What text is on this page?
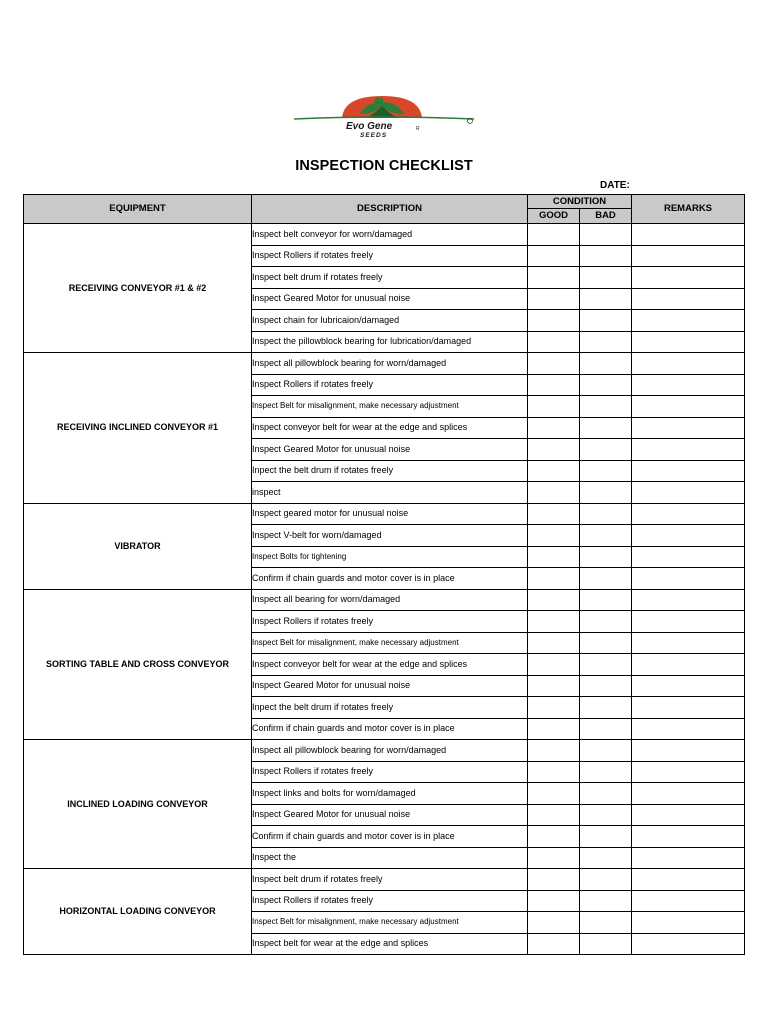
Evo Gene
SEEDS
R
INSPECTION CHECKLIST
DATE:
EQUIPMENT	DESCRIPTION	CONDITION		REMARKS
		GOOD	BAD	
RECEIVING CONVEYOR #1 & #2	Inspect belt conveyor for worn/damaged			
	Inspect Rollers if rotates freely			
	Inspect belt drum if rotates freely			
	Inspect Geared Motor for unusual noise			
	Inspect chain for lubricaion/damaged			
	Inspect the pillowblock bearing for lubrication/damaged			
RECEIVING INCLINED CONVEYOR #1	Inspect all pillowblock bearing for worn/damaged			
	Inspect Rollers if rotates freely			
	Inspect Belt for misalignment, make necessary adjustment			
	Inspect conveyor belt for wear at the edge and splices			
	Inspect Geared Motor for unusual noise			
	Inpect the belt drum if rotates freely			
	inspect			
VIBRATOR	Inspect geared motor for unusual noise			
	Inspect V-belt for worn/damaged			
	Inspect Bolts for tightening			
	Confirm if chain guards and motor cover is in place			
SORTING TABLE AND CROSS CONVEYOR	Inspect all bearing for worn/damaged			
	Inspect Rollers if rotates freely			
	Inspect Belt for misalignment, make necessary adjustment			
	Inspect conveyor belt for wear at the edge and splices			
	Inspect Geared Motor for unusual noise			
	Inpect the belt drum if rotates freely			
	Confirm if chain guards and motor cover is in place			
INCLINED LOADING CONVEYOR	Inspect all pillowblock bearing for worn/damaged			
	Inspect Rollers if rotates freely			
	Inspect links and bolts for worn/damaged			
	Inspect Geared Motor for unusual noise			
	Confirm if chain guards and motor cover is in place			
	Inspect the			
HORIZONTAL LOADING CONVEYOR	Inspect belt drum if rotates freely			
	Inspect Rollers if rotates freely			
	Inspect Belt for misalignment, make necessary adjustment			
	Inspect belt for wear at the edge and splices			
